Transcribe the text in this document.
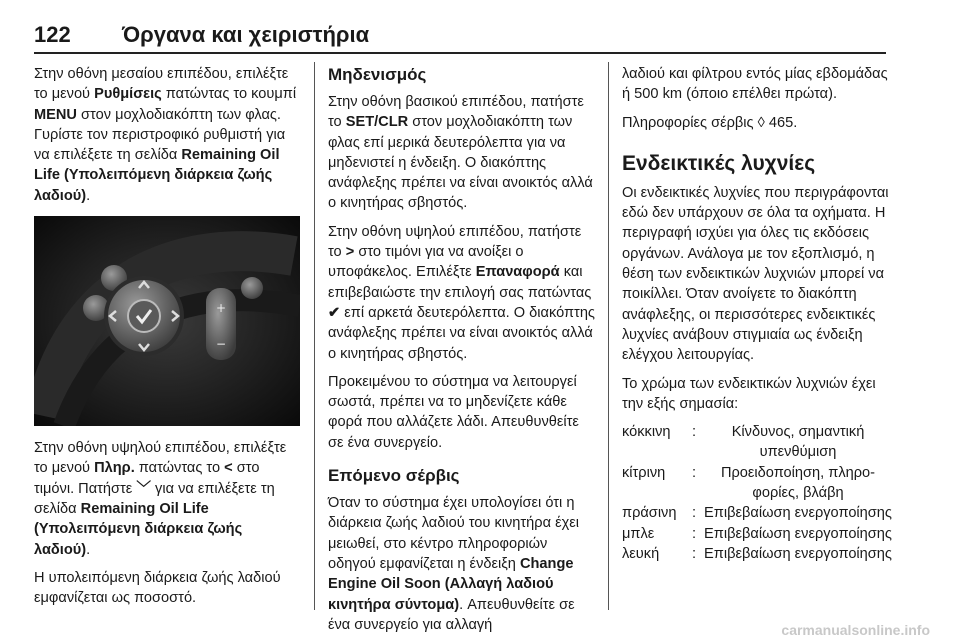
122 Όργανα και χειριστήρια

Στην οθόνη μεσαίου επιπέδου, επιλέξτε το μενού Ρυθμίσεις πατώντας το κουμπί MENU στον μοχλοδιακόπτη των φλας. Γυρίστε τον περιστροφικό ρυθμιστή για να επιλέξετε τη σελίδα Remaining Oil Life (Υπολειπόμενη διάρκεια ζωής λαδιού).

+
−

Στην οθόνη υψηλού επιπέδου, επιλέξτε το μενού Πληρ. πατώντας το < στο τιμόνι. Πατήστε ﹀ για να επιλέξετε τη σελίδα Remaining Oil Life (Υπολειπόμενη διάρκεια ζωής λαδιού).

Η υπολειπόμενη διάρκεια ζωής λαδιού εμφανίζεται ως ποσοστό.

Μηδενισμός

Στην οθόνη βασικού επιπέδου, πατήστε το SET/CLR στον μοχλοδιακόπτη των φλας επί μερικά δευτερόλεπτα για να μηδενιστεί η ένδειξη. Ο διακόπτης ανάφλεξης πρέπει να είναι ανοικτός αλλά ο κινητήρας σβηστός.

Στην οθόνη υψηλού επιπέδου, πατήστε το > στο τιμόνι για να ανοίξει ο υποφάκελος. Επιλέξτε Επαναφορά και επιβεβαιώστε την επιλογή σας πατώντας ✔ επί αρκετά δευτερόλεπτα. Ο διακόπτης ανάφλεξης πρέπει να είναι ανοικτός αλλά ο κινητήρας σβηστός.

Προκειμένου το σύστημα να λειτουργεί σωστά, πρέπει να το μηδενίζετε κάθε φορά που αλλάζετε λάδι. Απευθυνθείτε σε ένα συνεργείο.

Επόμενο σέρβις

Όταν το σύστημα έχει υπολογίσει ότι η διάρκεια ζωής λαδιού του κινητήρα έχει μειωθεί, στο κέντρο πληροφοριών οδηγού εμφανίζεται η ένδειξη Change Engine Oil Soon (Αλλαγή λαδιού κινητήρα σύντομα). Απευθυνθείτε σε ένα συνεργείο για αλλαγή

λαδιού και φίλτρου εντός μίας εβδομάδας ή 500 km (όποιο επέλθει πρώτα).

Πληροφορίες σέρβις ◊ 465.

Ενδεικτικές λυχνίες

Οι ενδεικτικές λυχνίες που περιγράφονται εδώ δεν υπάρχουν σε όλα τα οχήματα. Η περιγραφή ισχύει για όλες τις εκδόσεις οργάνων. Ανάλογα με τον εξοπλισμό, η θέση των ενδεικτικών λυχνιών μπορεί να ποικίλλει. Όταν ανοίγετε το διακόπτη ανάφλεξης, οι περισσότερες ενδεικτικές λυχνίες ανάβουν στιγμιαία ως ένδειξη ελέγχου λειτουργίας.

Το χρώμα των ενδεικτικών λυχνιών έχει την εξής σημασία:

κόκκινη	:	Κίνδυνος, σημαντική υπενθύμιση
κίτρινη	:	Προειδοποίηση, πληροφορίες, βλάβη
πράσινη	: Επιβεβαίωση ενεργοποίησης
μπλε	: Επιβεβαίωση ενεργοποίησης
λευκή	: Επιβεβαίωση ενεργοποίησης
carmanualsonline.info
